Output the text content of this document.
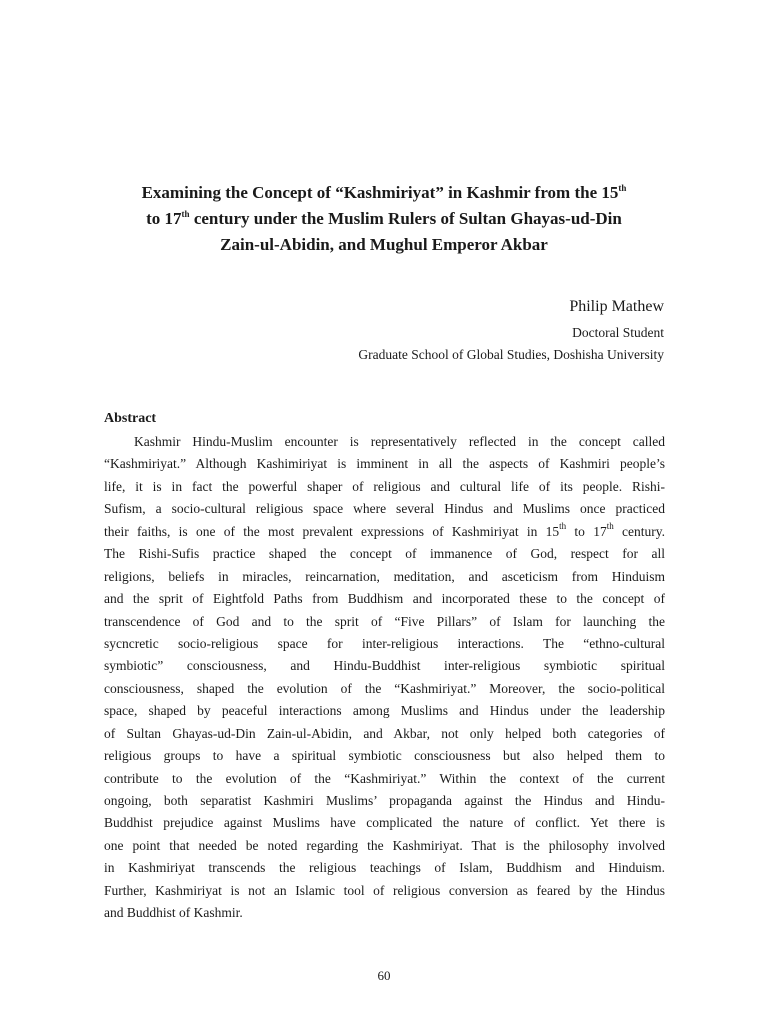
Examining the Concept of “Kashmiriyat” in Kashmir from the 15th
to 17th century under the Muslim Rulers of Sultan Ghayas-ud-Din
Zain-ul-Abidin, and Mughul Emperor Akbar
Philip Mathew
Doctoral Student
Graduate School of Global Studies, Doshisha University
Abstract
Kashmir Hindu-Muslim encounter is representatively reflected in the concept called
“Kashmiriyat.” Although Kashimiriyat is imminent in all the aspects of Kashmiri people’s
life, it is in fact the powerful shaper of religious and cultural life of its people. Rishi-
Sufism, a socio-cultural religious space where several Hindus and Muslims once practiced
their faiths, is one of the most prevalent expressions of Kashmiriyat in 15th to 17th century.
The Rishi-Sufis practice shaped the concept of immanence of God, respect for all
religions, beliefs in miracles, reincarnation, meditation, and asceticism from Hinduism
and the sprit of Eightfold Paths from Buddhism and incorporated these to the concept of
transcendence of God and to the sprit of “Five Pillars” of Islam for launching the
sycncretic socio-religious space for inter-religious interactions. The “ethno-cultural
symbiotic” consciousness, and Hindu-Buddhist inter-religious symbiotic spiritual
consciousness, shaped the evolution of the “Kashmiriyat.” Moreover, the socio-political
space, shaped by peaceful interactions among Muslims and Hindus under the leadership
of Sultan Ghayas-ud-Din Zain-ul-Abidin, and Akbar, not only helped both categories of
religious groups to have a spiritual symbiotic consciousness but also helped them to
contribute to the evolution of the “Kashmiriyat.” Within the context of the current
ongoing, both separatist Kashmiri Muslims’ propaganda against the Hindus and Hindu-
Buddhist prejudice against Muslims have complicated the nature of conflict. Yet there is
one point that needed be noted regarding the Kashmiriyat. That is the philosophy involved
in Kashmiriyat transcends the religious teachings of Islam, Buddhism and Hinduism.
Further, Kashmiriyat is not an Islamic tool of religious conversion as feared by the Hindus
and Buddhist of Kashmir.
60
